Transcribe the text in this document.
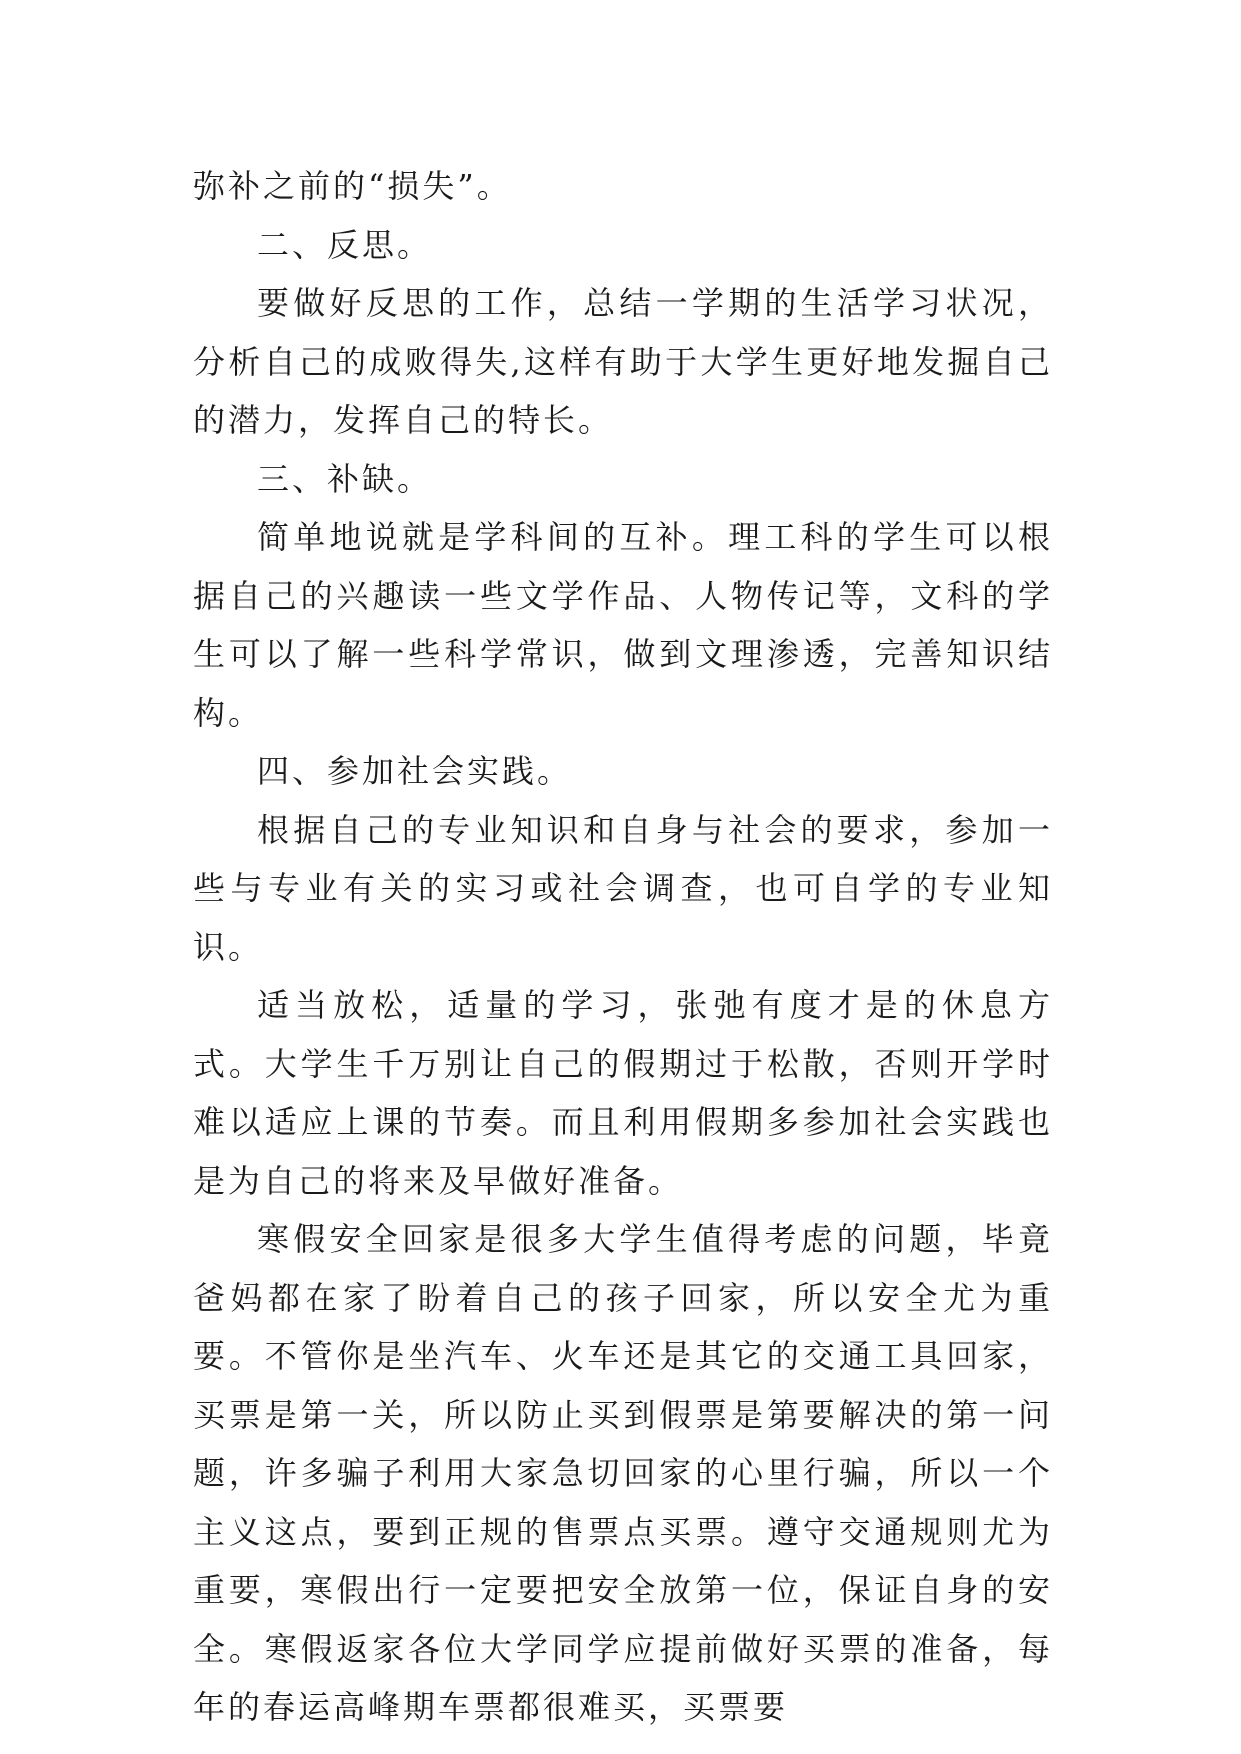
弥补之前的“损失”。

二、反思。

要做好反思的工作，总结一学期的生活学习状况，分析自己的成败得失,这样有助于大学生更好地发掘自己的潜力，发挥自己的特长。

三、补缺。

简单地说就是学科间的互补。理工科的学生可以根据自己的兴趣读一些文学作品、人物传记等，文科的学生可以了解一些科学常识，做到文理渗透，完善知识结构。

四、参加社会实践。

根据自己的专业知识和自身与社会的要求，参加一些与专业有关的实习或社会调查，也可自学的专业知识。

适当放松，适量的学习，张弛有度才是的休息方式。大学生千万别让自己的假期过于松散，否则开学时难以适应上课的节奏。而且利用假期多参加社会实践也是为自己的将来及早做好准备。

寒假安全回家是很多大学生值得考虑的问题，毕竟爸妈都在家了盼着自己的孩子回家，所以安全尤为重要。不管你是坐汽车、火车还是其它的交通工具回家，买票是第一关，所以防止买到假票是第要解决的第一问题，许多骗子利用大家急切回家的心里行骗，所以一个主义这点，要到正规的售票点买票。遵守交通规则尤为重要，寒假出行一定要把安全放第一位，保证自身的安全。寒假返家各位大学同学应提前做好买票的准备，每年的春运高峰期车票都很难买，买票要
